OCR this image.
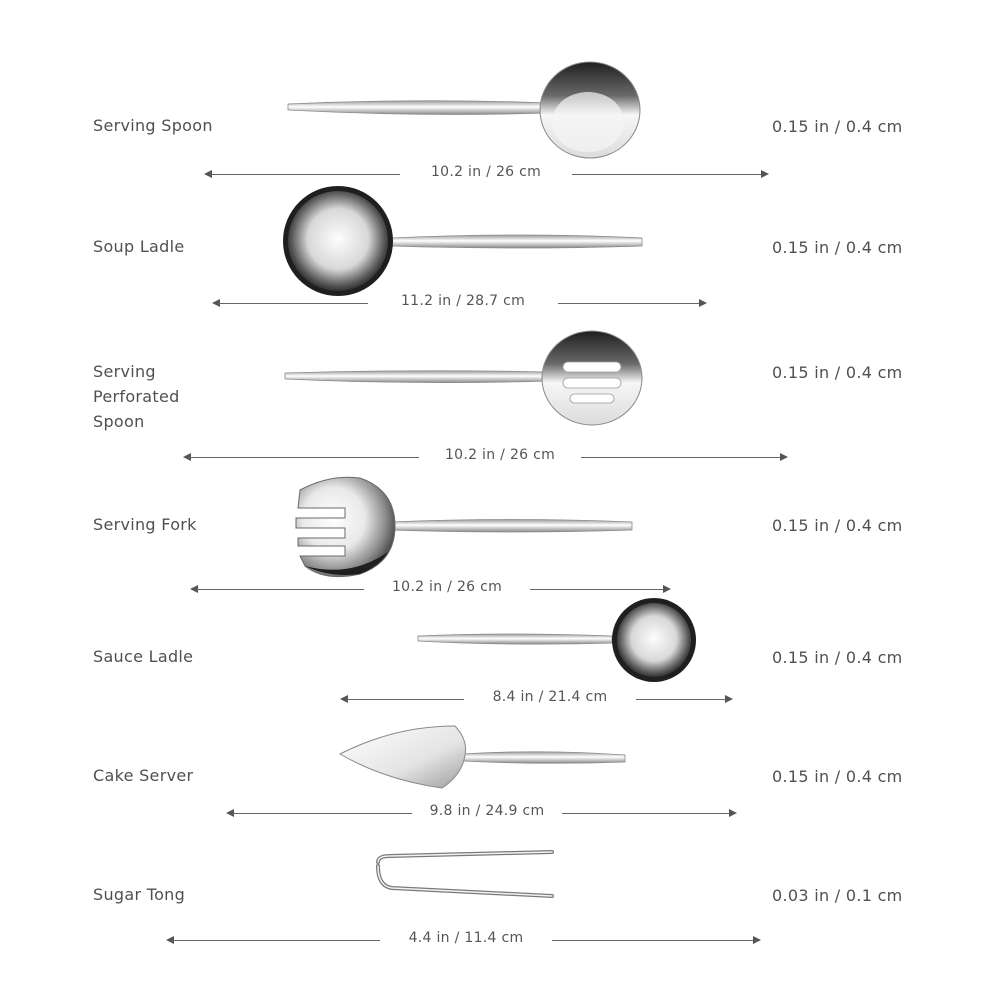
Serving Spoon	0.15 in / 0.4 cm
10.2 in / 26 cm
Soup Ladle	0.15 in / 0.4 cm
11.2 in / 28.7 cm
Serving
Perforated
Spoon
0.15 in / 0.4 cm
10.2 in / 26 cm
Serving Fork	0.15 in / 0.4 cm
10.2 in / 26 cm
Sauce Ladle	0.15 in / 0.4 cm
8.4 in / 21.4 cm
Cake Server	0.15 in / 0.4 cm
9.8 in / 24.9 cm
Sugar Tong	0.03 in / 0.1 cm
4.4 in / 11.4 cm
